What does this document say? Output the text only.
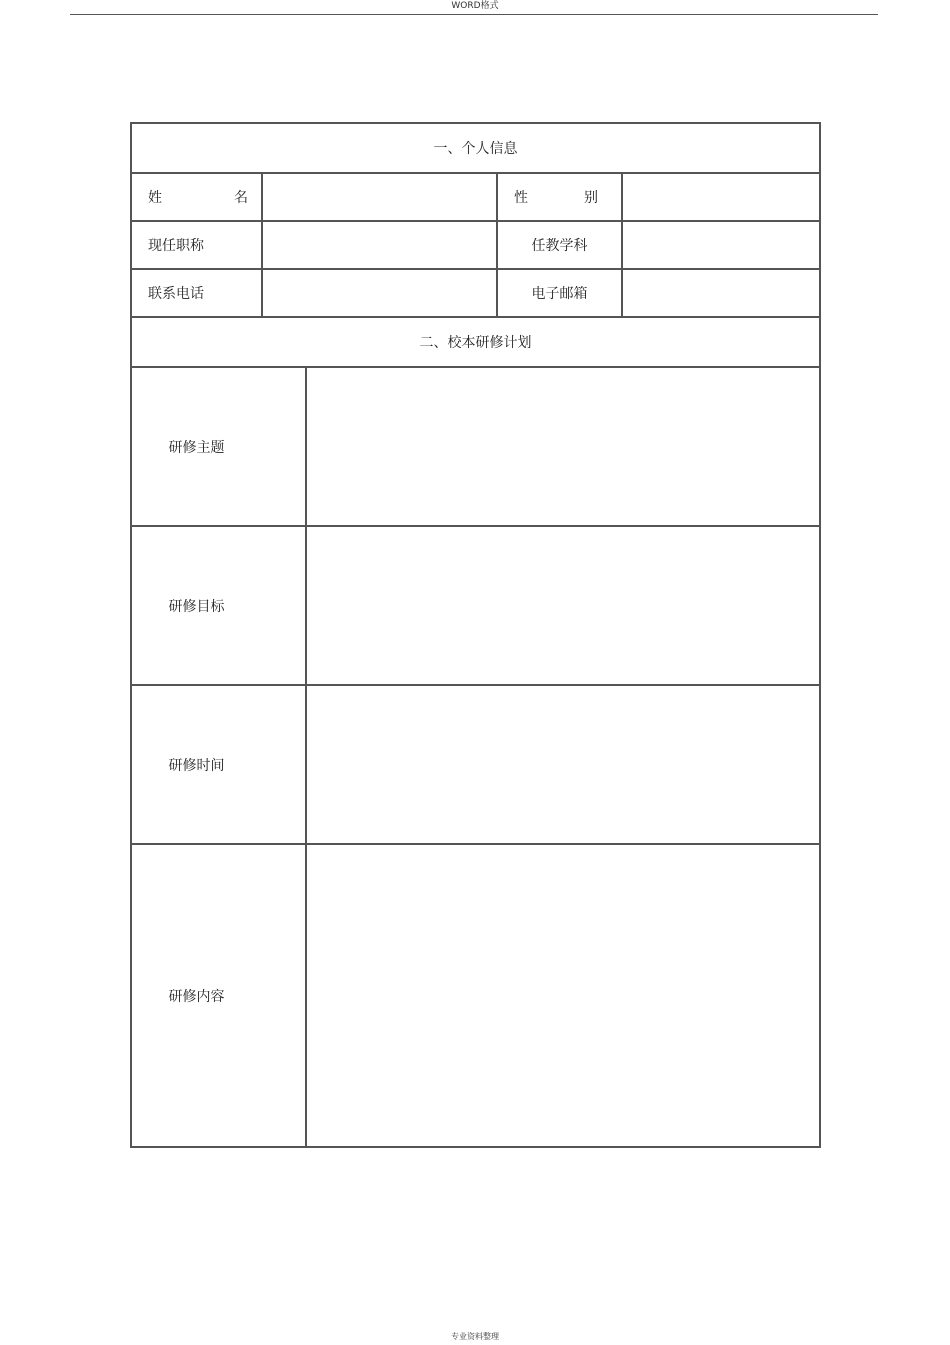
WORD格式
一、个人信息				

姓 名			性 别	

现任职称			任教学科	
联系电话			电子邮箱	
二、校本研修计划				
研修主题				
研修目标				
研修时间				
研修内容				
专业资料整理
